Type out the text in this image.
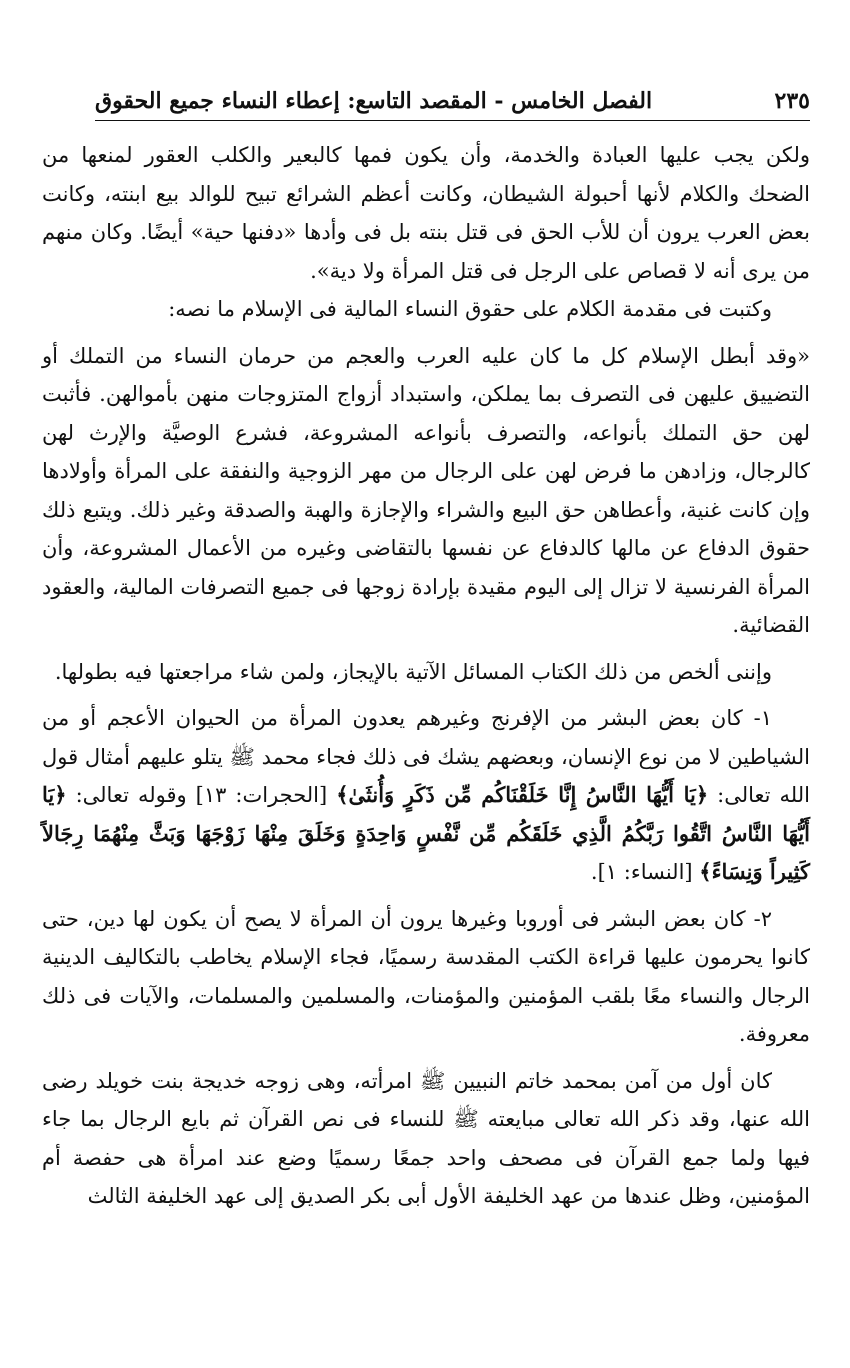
٢٣٥
الفصل الخامس - المقصد التاسع: إعطاء النساء جميع الحقوق

ولكن يجب عليها العبادة والخدمة، وأن يكون فمها كالبعير والكلب العقور لمنعها من الضحك والكلام لأنها أحبولة الشيطان، وكانت أعظم الشرائع تبيح للوالد بيع ابنته، وكانت بعض العرب يرون أن للأب الحق فى قتل بنته بل فى وأدها «دفنها حية» أيضًا. وكان منهم من يرى أنه لا قصاص على الرجل فى قتل المرأة ولا دية».

وكتبت فى مقدمة الكلام على حقوق النساء المالية فى الإسلام ما نصه:

«وقد أبطل الإسلام كل ما كان عليه العرب والعجم من حرمان النساء من التملك أو التضييق عليهن فى التصرف بما يملكن، واستبداد أزواج المتزوجات منهن بأموالهن. فأثبت لهن حق التملك بأنواعه، والتصرف بأنواعه المشروعة، فشرع الوصيَّة والإرث لهن كالرجال، وزادهن ما فرض لهن على الرجال من مهر الزوجية والنفقة على المرأة وأولادها وإن كانت غنية، وأعطاهن حق البيع والشراء والإجازة والهبة والصدقة وغير ذلك. ويتبع ذلك حقوق الدفاع عن مالها كالدفاع عن نفسها بالتقاضى وغيره من الأعمال المشروعة، وأن المرأة الفرنسية لا تزال إلى اليوم مقيدة بإرادة زوجها فى جميع التصرفات المالية، والعقود القضائية.

وإننى ألخص من ذلك الكتاب المسائل الآتية بالإيجاز، ولمن شاء مراجعتها فيه بطولها.

١- كان بعض البشر من الإفرنج وغيرهم يعدون المرأة من الحيوان الأعجم أو من الشياطين لا من نوع الإنسان، وبعضهم يشك فى ذلك فجاء محمد ﷺ يتلو عليهم أمثال قول الله تعالى: ﴿يَا أَيُّهَا النَّاسُ إِنَّا خَلَقْنَاكُم مِّن ذَكَرٍ وَأُنثَىٰ﴾ [الحجرات: ١٣] وقوله تعالى: ﴿يَا أَيُّهَا النَّاسُ اتَّقُوا رَبَّكُمُ الَّذِي خَلَقَكُم مِّن نَّفْسٍ وَاحِدَةٍ وَخَلَقَ مِنْهَا زَوْجَهَا وَبَثَّ مِنْهُمَا رِجَالاً كَثِيراً وَنِسَاءً﴾ [النساء: ١].

٢- كان بعض البشر فى أوروبا وغيرها يرون أن المرأة لا يصح أن يكون لها دين، حتى كانوا يحرمون عليها قراءة الكتب المقدسة رسميًا، فجاء الإسلام يخاطب بالتكاليف الدينية الرجال والنساء معًا بلقب المؤمنين والمؤمنات، والمسلمين والمسلمات، والآيات فى ذلك معروفة.

كان أول من آمن بمحمد خاتم النبيين ﷺ امرأته، وهى زوجه خديجة بنت خويلد رضى الله عنها، وقد ذكر الله تعالى مبايعته ﷺ للنساء فى نص القرآن ثم بايع الرجال بما جاء فيها ولما جمع القرآن فى مصحف واحد جمعًا رسميًا وضع عند امرأة هى حفصة أم المؤمنين، وظل عندها من عهد الخليفة الأول أبى بكر الصديق إلى عهد الخليفة الثالث
